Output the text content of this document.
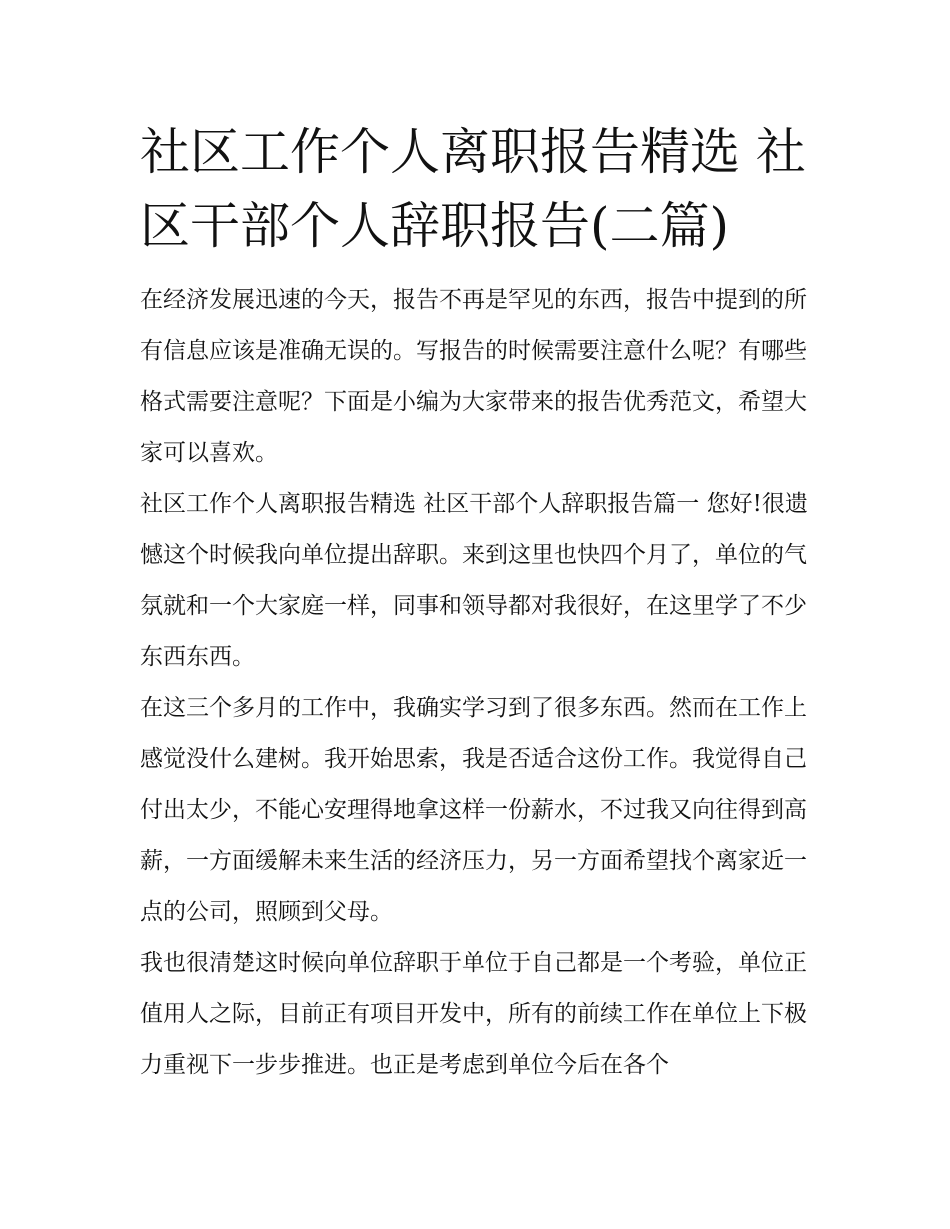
社区工作个人离职报告精选 社区干部个人辞职报告(二篇)

在经济发展迅速的今天，报告不再是罕见的东西，报告中提到的所有信息应该是准确无误的。写报告的时候需要注意什么呢？有哪些格式需要注意呢？下面是小编为大家带来的报告优秀范文，希望大家可以喜欢。

社区工作个人离职报告精选 社区干部个人辞职报告篇一 您好!很遗憾这个时候我向单位提出辞职。来到这里也快四个月了，单位的气氛就和一个大家庭一样，同事和领导都对我很好，在这里学了不少东西东西。

在这三个多月的工作中，我确实学习到了很多东西。然而在工作上感觉没什么建树。我开始思索，我是否适合这份工作。我觉得自己付出太少，不能心安理得地拿这样一份薪水，不过我又向往得到高薪，一方面缓解未来生活的经济压力，另一方面希望找个离家近一点的公司，照顾到父母。

我也很清楚这时候向单位辞职于单位于自己都是一个考验，单位正值用人之际，目前正有项目开发中，所有的前续工作在单位上下极力重视下一步步推进。也正是考虑到单位今后在各个
